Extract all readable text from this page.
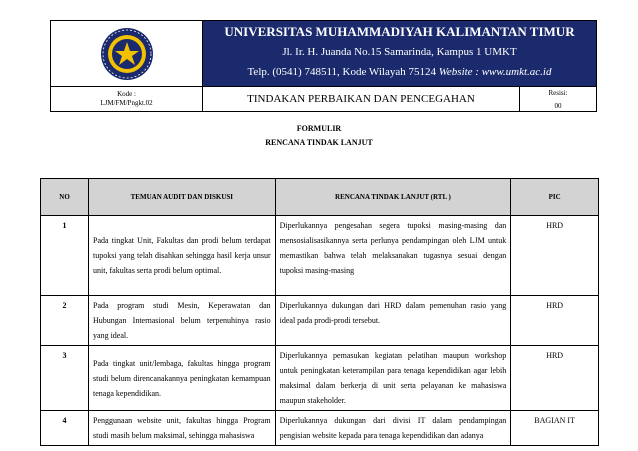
UNIVERSITAS MUHAMMADIYAH KALIMANTAN TIMUR
Jl. Ir. H. Juanda No.15 Samarinda, Kampus 1 UMKT
Telp. (0541) 748511, Kode Wilayah 75124 Website : www.umkt.ac.id
Kode :
LJM/FM/Pngkt.02	TINDAKAN PERBAIKAN DAN PENCEGAHAN	Resisi:
00
FORMULIR
RENCANA TINDAK LANJUT
NO	TEMUAN AUDIT DAN DISKUSI	RENCANA TINDAK LANJUT (RTL )	PIC
1	Pada tingkat Unit, Fakultas dan prodi belum terdapat tupoksi yang telah disahkan sehingga hasil kerja unsur unit, fakultas serta prodi belum optimal.	Diperlukannya pengesahan segera tupoksi masing-masing dan mensosialisasikannya serta perlunya pendampingan oleh LJM untuk memastikan bahwa telah melaksanakan tugasnya sesuai dengan tupoksi masing-masing	HRD
2	Pada program studi Mesin, Keperawatan dan Hubungan Internasional belum terpenuhinya rasio yang ideal.	Diperlukannya dukungan dari HRD dalam pemenuhan rasio yang ideal pada prodi-prodi tersebut.	HRD
3	Pada tingkat unit/lembaga, fakultas hingga program studi belum direncanakannya peningkatan kemampuan tenaga kependidikan.	Diperlukannya pemasukan kegiatan pelatihan maupun workshop untuk peningkatan keterampilan para tenaga kependidikan agar lebih maksimal dalam berkerja di unit serta pelayanan ke mahasiswa maupun stakeholder.	HRD
4	Penggunaan website unit, fakultas hingga Program studi masih belum maksimal, sehingga mahasiswa	Diperlukannya dukungan dari divisi IT dalam pendampingan pengisian website kepada para tenaga kependidikan dan adanya	BAGIAN IT
